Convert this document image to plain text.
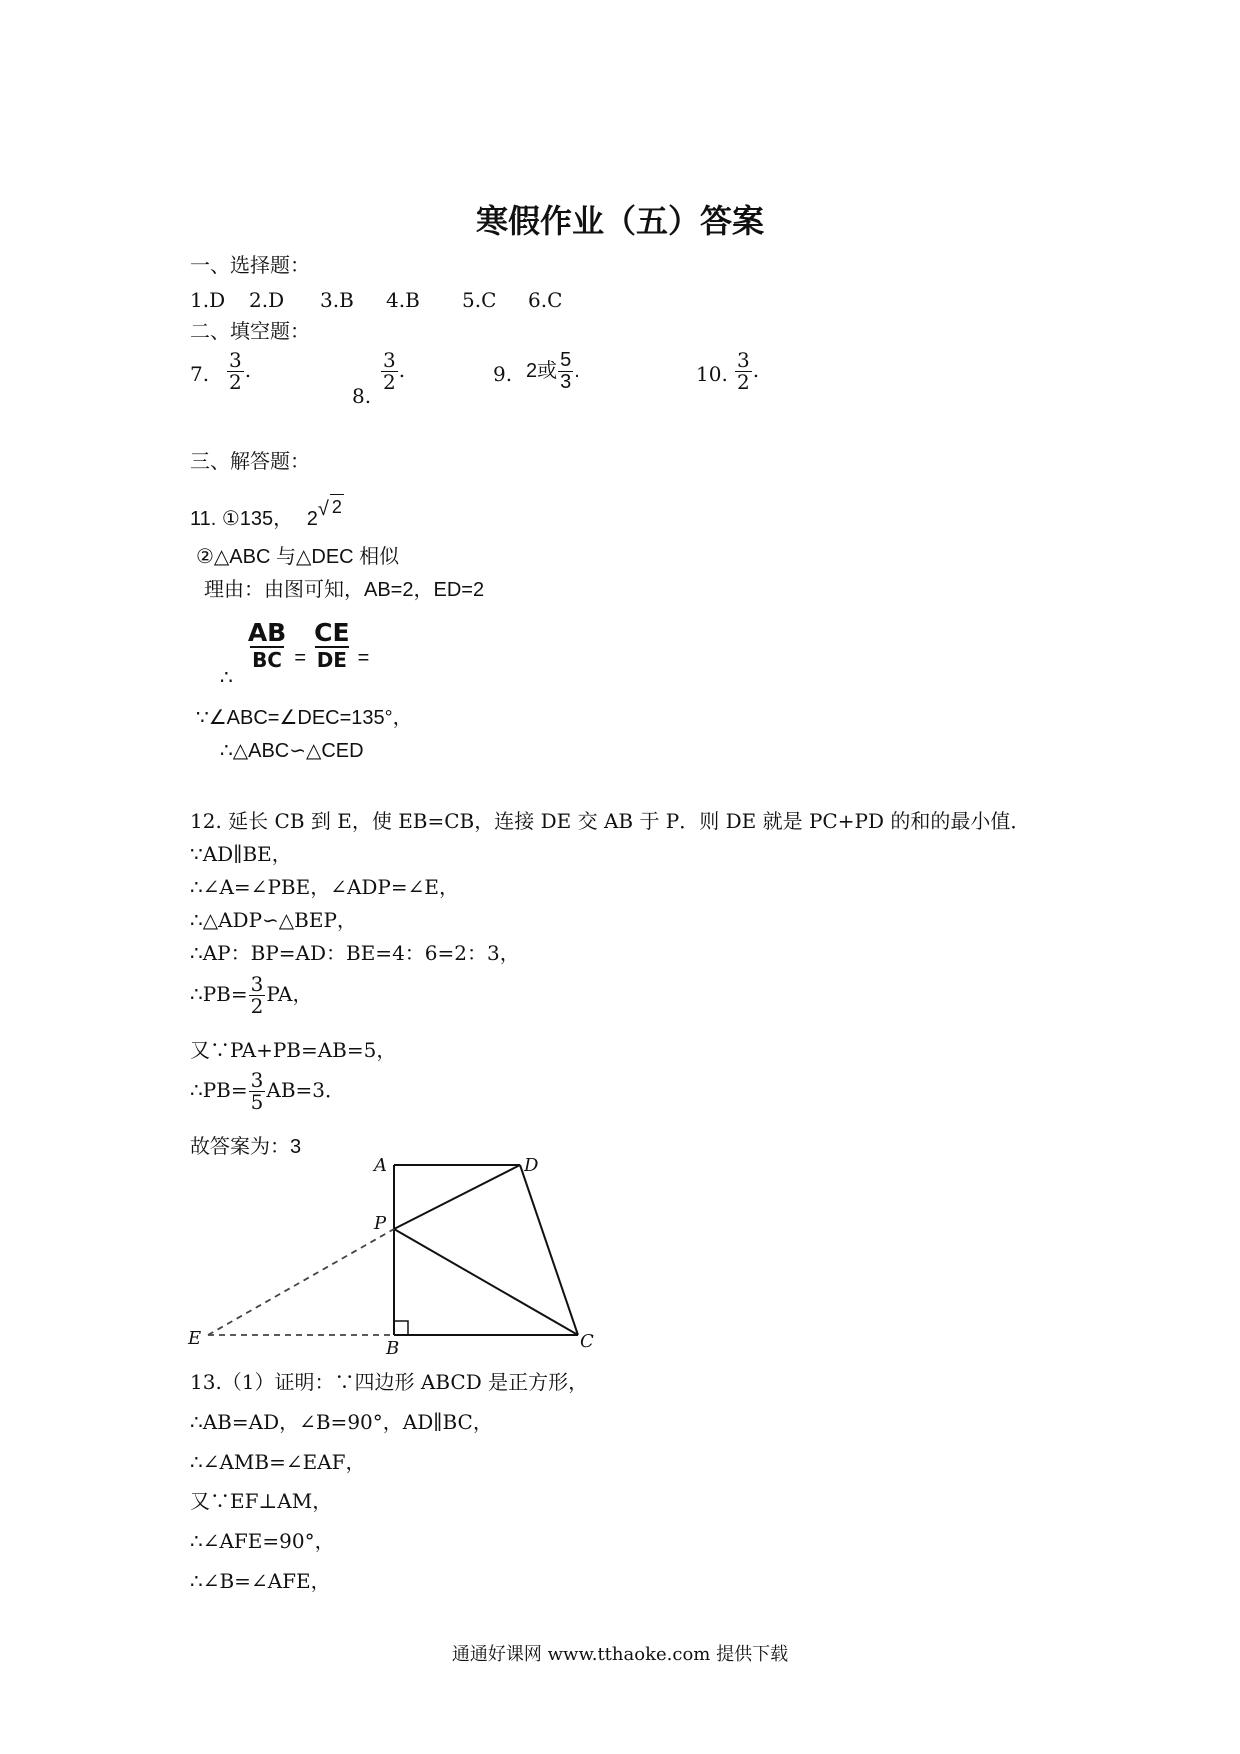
寒假作业（五）答案
一、选择题：
1.D 2.D 3.B 4.B 5.C 6.C
二、填空题：
7. $\frac{3}{2}$ .
8.
$\frac{3}{2}$ .	9. 2或 $\frac{5}{3}$ .	10. $\frac{3}{2}$ .
三、解答题：
11. ①135， 2√ 2
②△ABC 与△DEC 相似
理由：由图可知，AB=2，ED=2
∴
$\frac{AB}{BC} = \frac{CE}{DE}$ =
∵∠ABC=∠DEC=135°，
∴△ABC∽△CED
12. 延长 CB 到 E，使 EB=CB，连接 DE 交 AB 于 P．则 DE 就是 PC+PD 的和的最小值．
∵AD∥BE，
∴∠A=∠PBE，∠ADP=∠E，
∴△ADP∽△BEP，
∴AP：BP=AD：BE=4：6=2：3，
∴PB= $\frac{3}{2}$ PA，
又∵PA+PB=AB=5，
∴PB= $\frac{3}{5} AB=3$．
故答案为：3
A	D
P
E	B	C
13.（1）证明：∵四边形 ABCD 是正方形，
∴AB=AD，∠B=90°，AD∥BC，
∴∠AMB=∠EAF，
又∵EF⊥AM，
∴∠AFE=90°，
∴∠B=∠AFE，
通通好课网 www.tthaoke.com 提供下载
